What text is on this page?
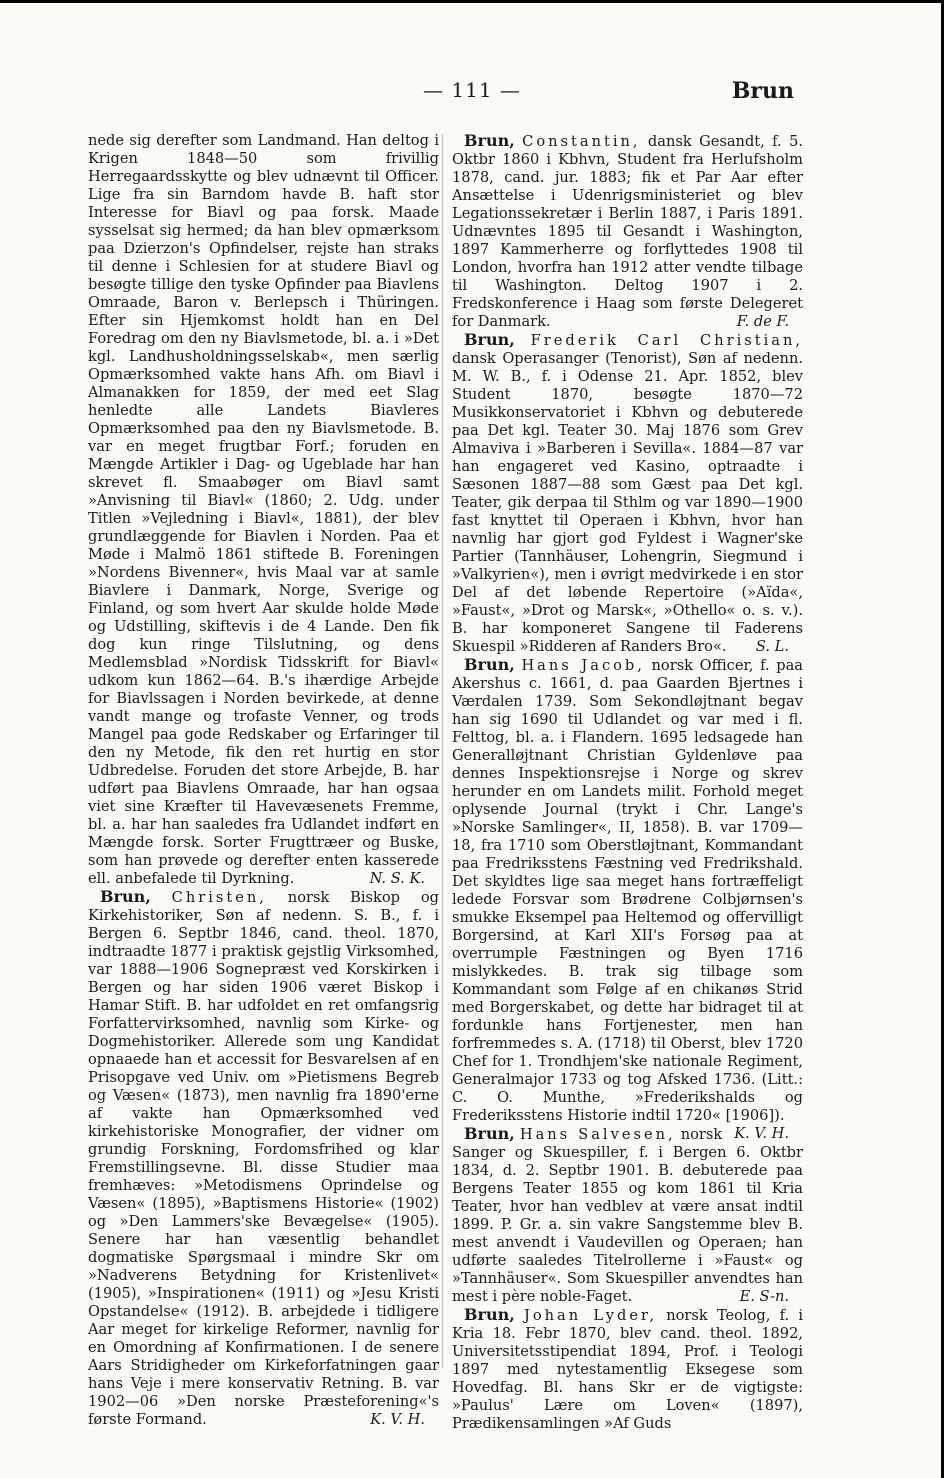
— 111 —	Brun

nede sig derefter som Landmand. Han deltog i Krigen 1848—50 som frivillig Herregaardsskytte og blev udnævnt til Officer. Lige fra sin Barndom havde B. haft stor Interesse for Biavl og paa forsk. Maade sysselsat sig hermed; da han blev opmærksom paa Dzierzon's Opfindelser, rejste han straks til denne i Schlesien for at studere Biavl og besøgte tillige den tyske Opfinder paa Biavlens Omraade, Baron v. Berlepsch i Thüringen. Efter sin Hjemkomst holdt han en Del Foredrag om den ny Biavlsmetode, bl. a. i »Det kgl. Landhusholdningsselskab«, men særlig Opmærksomhed vakte hans Afh. om Biavl i Almanakken for 1859, der med eet Slag henledte alle Landets Biavleres Opmærksomhed paa den ny Biavlsmetode. B. var en meget frugtbar Forf.; foruden en Mængde Artikler i Dag- og Ugeblade har han skrevet fl. Smaabøger om Biavl samt »Anvisning til Biavl« (1860; 2. Udg. under Titlen »Vejledning i Biavl«, 1881), der blev grundlæggende for Biavlen i Norden. Paa et Møde i Malmö 1861 stiftede B. Foreningen »Nordens Bivenner«, hvis Maal var at samle Biavlere i Danmark, Norge, Sverige og Finland, og som hvert Aar skulde holde Møde og Udstilling, skiftevis i de 4 Lande. Den fik dog kun ringe Tilslutning, og dens Medlemsblad »Nordisk Tidsskrift for Biavl« udkom kun 1862—64. B.'s ihærdige Arbejde for Biavlssagen i Norden bevirkede, at denne vandt mange og trofaste Venner, og trods Mangel paa gode Redskaber og Erfaringer til den ny Metode, fik den ret hurtig en stor Udbredelse. Foruden det store Arbejde, B. har udført paa Biavlens Omraade, har han ogsaa viet sine Kræfter til Havevæsenets Fremme, bl. a. har han saaledes fra Udlandet indført en Mængde forsk. Sorter Frugttræer og Buske, som han prøvede og derefter enten kasserede ell. anbefalede til Dyrkning.	N. S. K.

Brun, Christen, norsk Biskop og Kirkehistoriker, Søn af nedenn. S. B., f. i Bergen 6. Septbr 1846, cand. theol. 1870, indtraadte 1877 i praktisk gejstlig Virksomhed, var 1888—1906 Sognepræst ved Korskirken i Bergen og har siden 1906 været Biskop i Hamar Stift. B. har udfoldet en ret omfangsrig Forfattervirksomhed, navnlig som Kirke- og Dogmehistoriker. Allerede som ung Kandidat opnaaede han et accessit for Besvarelsen af en Prisopgave ved Univ. om »Pietismens Begreb og Væsen« (1873), men navnlig fra 1890'erne af vakte han Opmærksomhed ved kirkehistoriske Monografier, der vidner om grundig Forskning, Fordomsfrihed og klar Fremstillingsevne. Bl. disse Studier maa fremhæves: »Metodismens Oprindelse og Væsen« (1895), »Baptismens Historie« (1902) og »Den Lammers'ske Bevægelse« (1905). Senere har han væsentlig behandlet dogmatiske Spørgsmaal i mindre Skr om »Nadverens Betydning for Kristenlivet« (1905), »Inspirationen« (1911) og »Jesu Kristi Opstandelse« (1912). B. arbejdede i tidligere Aar meget for kirkelige Reformer, navnlig for en Omordning af Konfirmationen. I de senere Aars Stridigheder om Kirkeforfatningen gaar hans Veje i mere konservativ Retning. B. var 1902—06 »Den norske Præsteforening«'s første Formand.	K. V. H.

Brun, Constantin, dansk Gesandt, f. 5. Oktbr 1860 i Kbhvn, Student fra Herlufsholm 1878, cand. jur. 1883; fik et Par Aar efter Ansættelse i Udenrigsministeriet og blev Legationssekretær i Berlin 1887, i Paris 1891. Udnævntes 1895 til Gesandt i Washington, 1897 Kammerherre og forflyttedes 1908 til London, hvorfra han 1912 atter vendte tilbage til Washington. Deltog 1907 i 2. Fredskonference i Haag som første Delegeret for Danmark.	F. de F.

Brun, Frederik Carl Christian, dansk Operasanger (Tenorist), Søn af nedenn. M. W. B., f. i Odense 21. Apr. 1852, blev Student 1870, besøgte 1870—72 Musikkonservatoriet i Kbhvn og debuterede paa Det kgl. Teater 30. Maj 1876 som Grev Almaviva i »Barberen i Sevilla«. 1884—87 var han engageret ved Kasino, optraadte i Sæsonen 1887—88 som Gæst paa Det kgl. Teater, gik derpaa til Sthlm og var 1890—1900 fast knyttet til Operaen i Kbhvn, hvor han navnlig har gjort god Fyldest i Wagner'ske Partier (Tannhäuser, Lohengrin, Siegmund i »Valkyrien«), men i øvrigt medvirkede i en stor Del af det løbende Repertoire (»Aïda«, »Faust«, »Drot og Marsk«, »Othello« o. s. v.). B. har komponeret Sangene til Faderens Skuespil »Ridderen af Randers Bro«.	S. L.

Brun, Hans Jacob, norsk Officer, f. paa Akershus c. 1661, d. paa Gaarden Bjertnes i Værdalen 1739. Som Sekondløjtnant begav han sig 1690 til Udlandet og var med i fl. Felttog, bl. a. i Flandern. 1695 ledsagede han Generalløjtnant Christian Gyldenløve paa dennes Inspektionsrejse i Norge og skrev herunder en om Landets milit. Forhold meget oplysende Journal (trykt i Chr. Lange's »Norske Samlinger«, II, 1858). B. var 1709—18, fra 1710 som Oberstløjtnant, Kommandant paa Fredriksstens Fæstning ved Fredrikshald. Det skyldtes lige saa meget hans fortræffeligt ledede Forsvar som Brødrene Colbjørnsen's smukke Eksempel paa Heltemod og offervilligt Borgersind, at Karl XII's Forsøg paa at overrumple Fæstningen og Byen 1716 mislykkedes. B. trak sig tilbage som Kommandant som Følge af en chikanøs Strid med Borgerskabet, og dette har bidraget til at fordunkle hans Fortjenester, men han forfremmedes s. A. (1718) til Oberst, blev 1720 Chef for 1. Trondhjem'ske nationale Regiment, Generalmajor 1733 og tog Afsked 1736. (Litt.: C. O. Munthe, »Frederikshalds og Frederiksstens Historie indtil 1720« [1906]).
K. V. H.

Brun, Hans Salvesen, norsk Sanger og Skuespiller, f. i Bergen 6. Oktbr 1834, d. 2. Septbr 1901. B. debuterede paa Bergens Teater 1855 og kom 1861 til Kria Teater, hvor han vedblev at være ansat indtil 1899. P. Gr. a. sin vakre Sangstemme blev B. mest anvendt i Vaudevillen og Operaen; han udførte saaledes Titelrollerne i »Faust« og »Tannhäuser«. Som Skuespiller anvendtes han mest i père noble-Faget.	E. S-n.

Brun, Johan Lyder, norsk Teolog, f. i Kria 18. Febr 1870, blev cand. theol. 1892, Universitetsstipendiat 1894, Prof. i Teologi 1897 med nytestamentlig Eksegese som Hovedfag. Bl. hans Skr er de vigtigste: »Paulus' Lære om Loven« (1897), Prædikensamlingen »Af Guds
